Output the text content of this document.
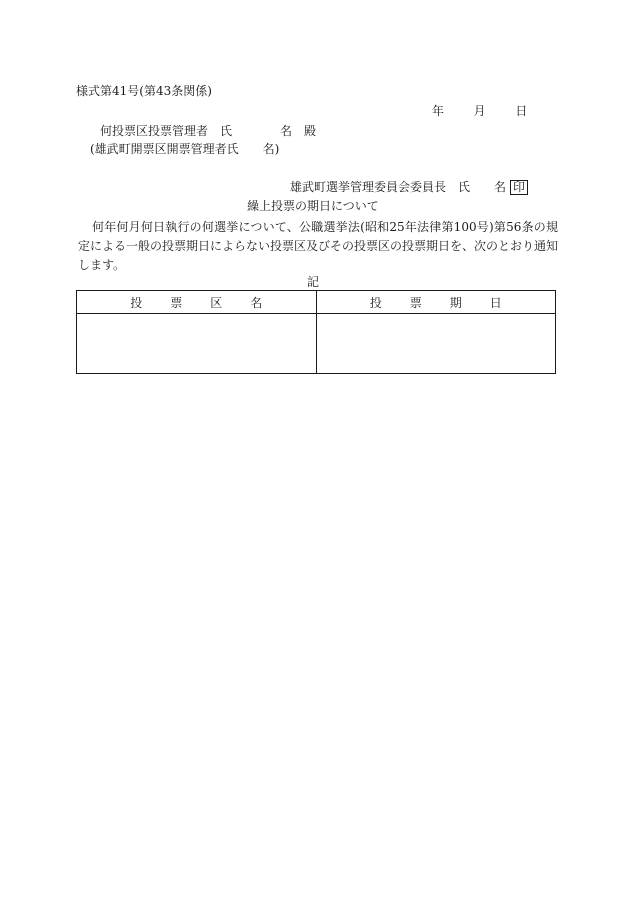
様式第41号(第43条関係)
年 月 日
何投票区投票管理者　氏　　　　名　殿
(雄武町開票区開票管理者氏　　名)
雄武町選挙管理委員会委員長　氏　　名 印
繰上投票の期日について
何年何月何日執行の何選挙について、公職選挙法(昭和25年法律第100号)第56条の規定による一般の投票期日によらない投票区及びその投票区の投票期日を、次のとおり通知します。
記
投票区名	投票期日
